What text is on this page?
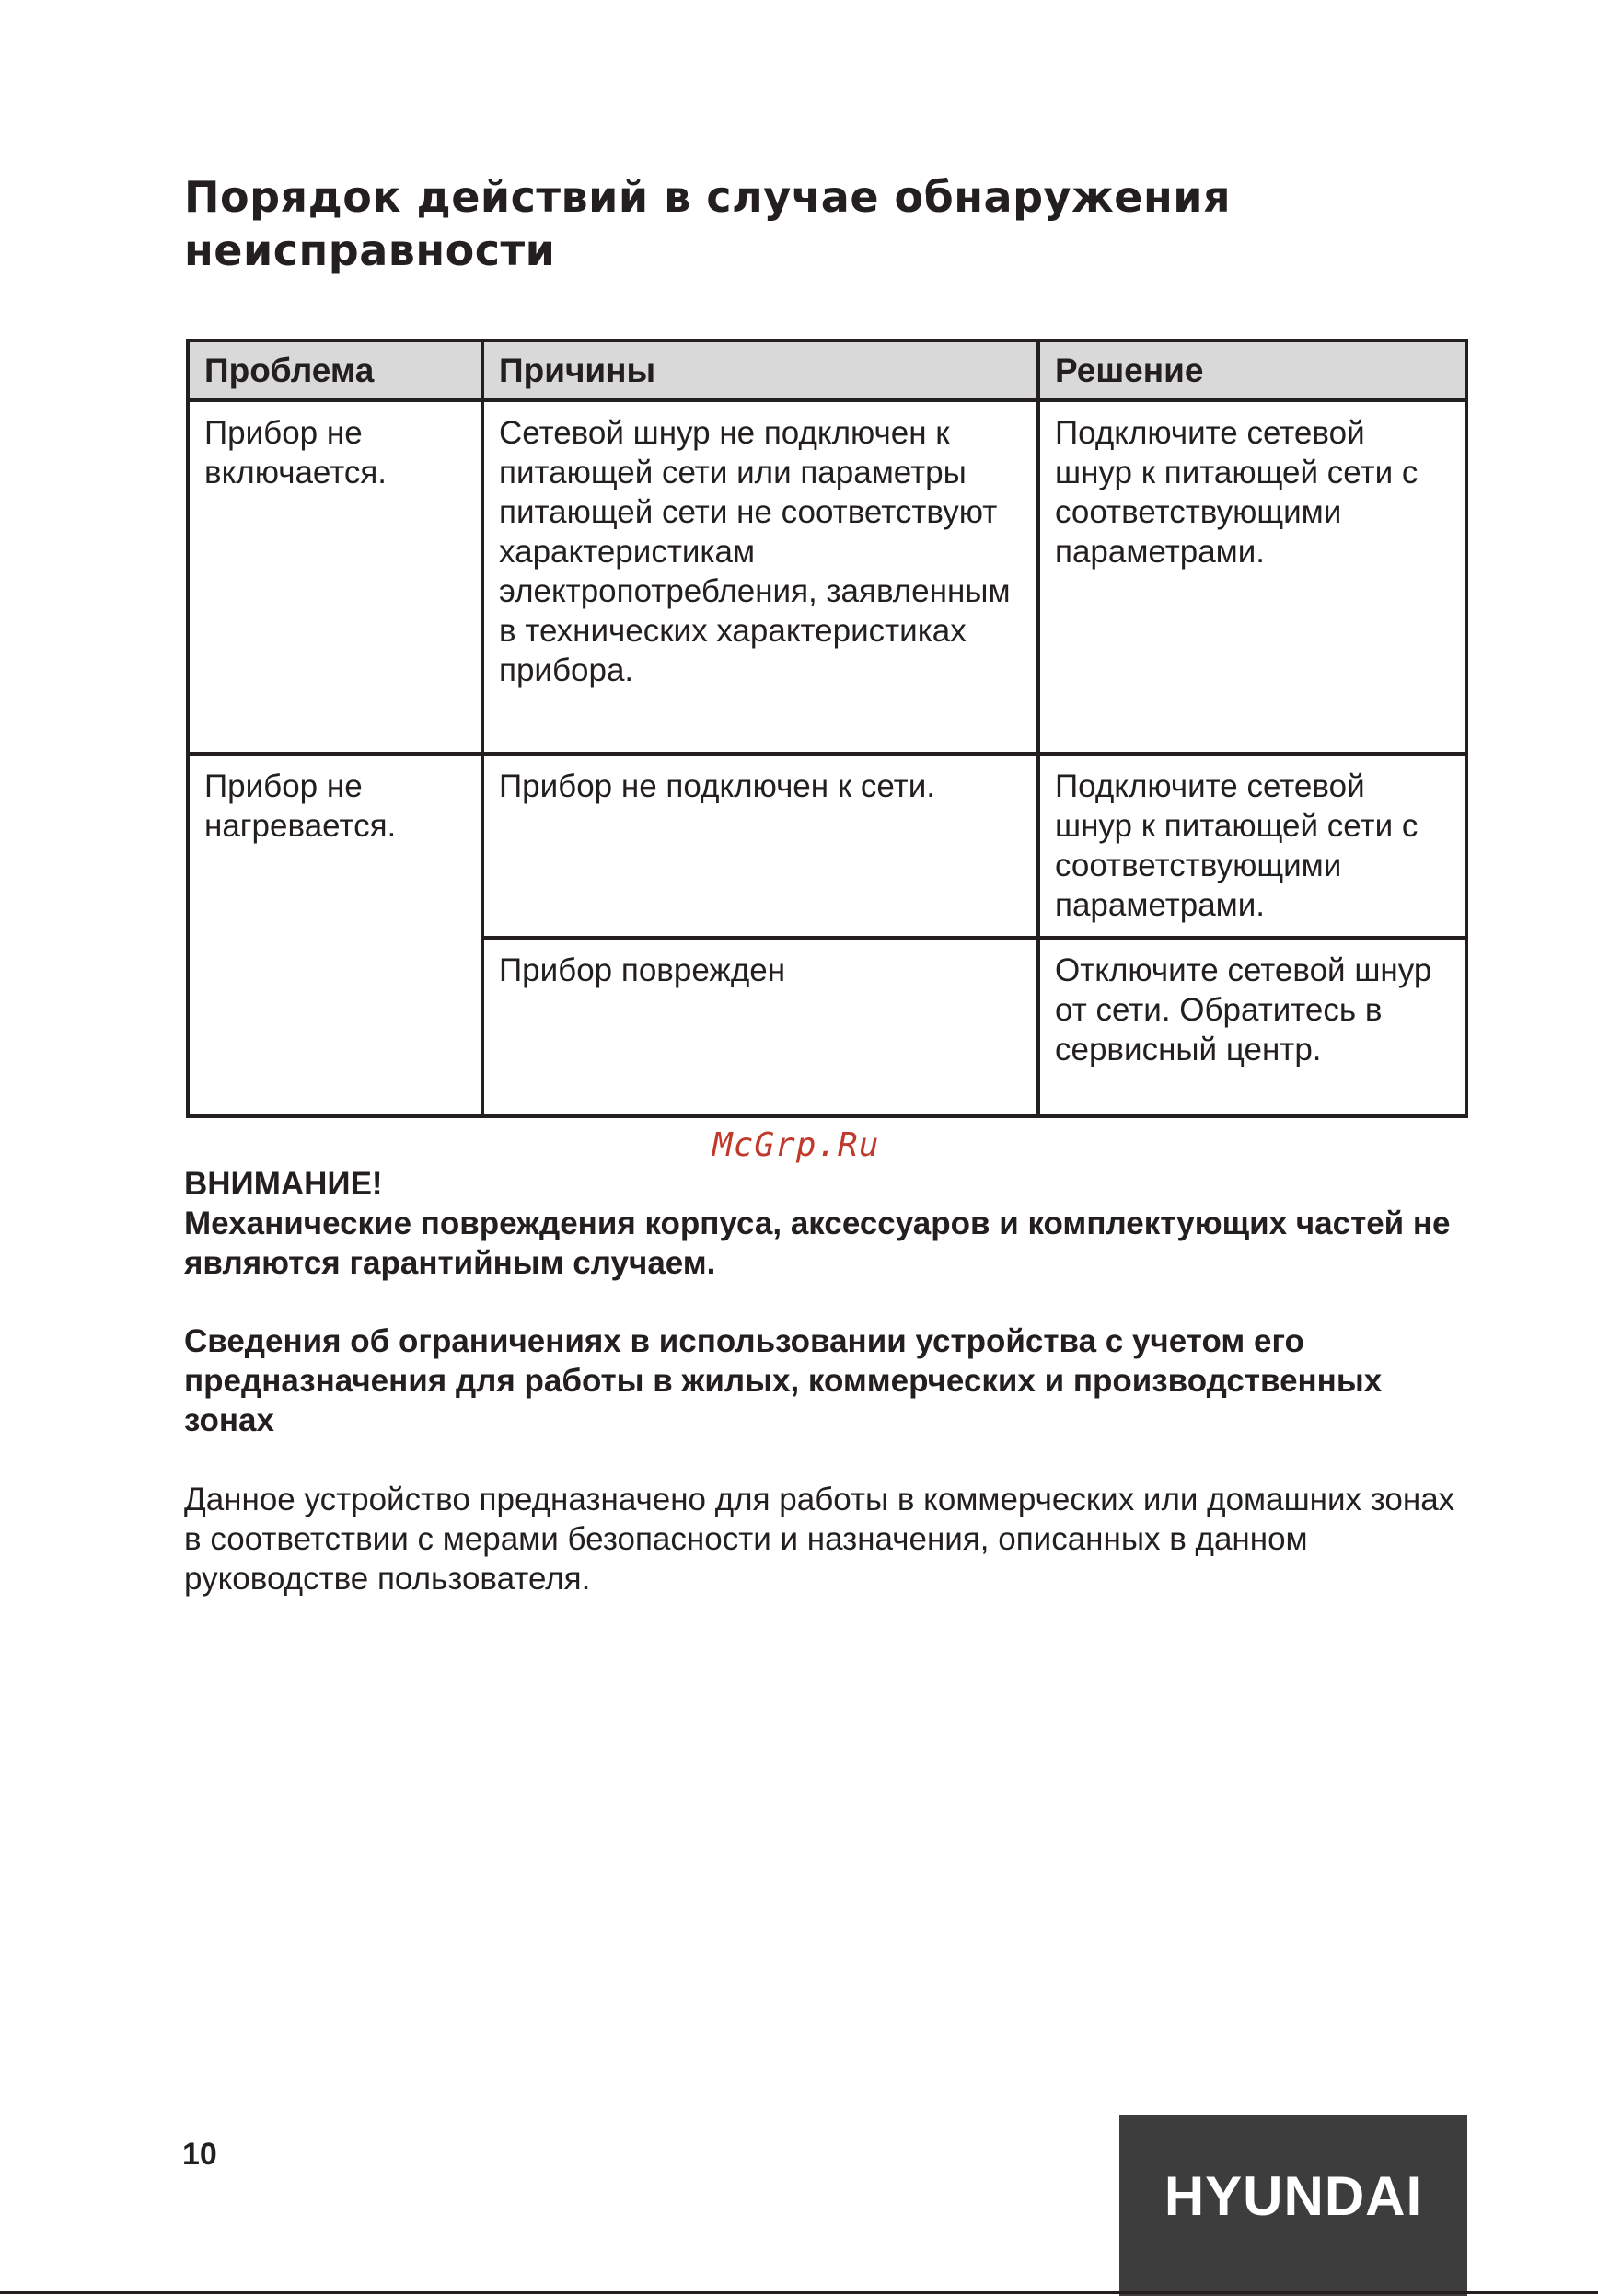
Порядок действий в случае обнаружения неисправности
Проблема	Причины	Решение
Прибор не включается.	Сетевой шнур не подключен к питающей сети или параметры питающей сети не соответствуют характеристикам электропотребления, заявленным в технических характеристиках прибора.	Подключите сетевой шнур к питающей сети с соответствующими параметрами.
Прибор не нагревается.	Прибор не подключен к сети.	Подключите сетевой шнур к питающей сети с соответствующими параметрами.
	Прибор поврежден	Отключите сетевой шнур от сети. Обратитесь в сервисный центр.
McGrp.Ru
ВНИМАНИЕ!
Механические повреждения корпуса, аксессуаров и комплектующих частей не являются гарантийным случаем.
Сведения об ограничениях в использовании устройства с учетом его предназначения для работы в жилых, коммерческих и производственных зонах
Данное устройство предназначено для работы в коммерческих или домашних зонах в соответствии с мерами безопасности и назначения, описанных в данном руководстве пользователя.
10
HYUNDAI
